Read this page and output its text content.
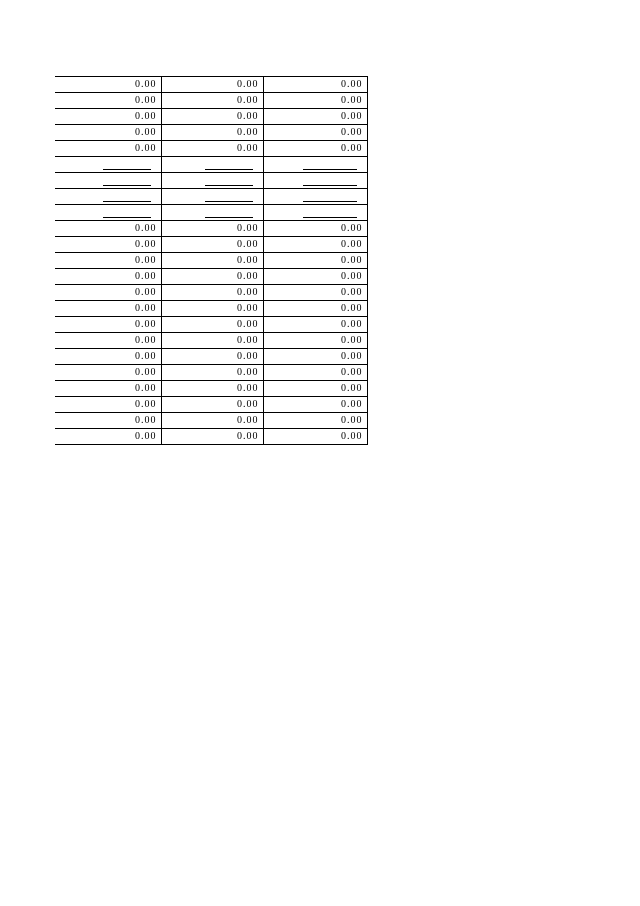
0.00	0.00	0.00
0.00	0.00	0.00
0.00	0.00	0.00
0.00	0.00	0.00
0.00	0.00	0.00

0.00	0.00	0.00
0.00	0.00	0.00
0.00	0.00	0.00
0.00	0.00	0.00
0.00	0.00	0.00
0.00	0.00	0.00
0.00	0.00	0.00
0.00	0.00	0.00
0.00	0.00	0.00
0.00	0.00	0.00
0.00	0.00	0.00
0.00	0.00	0.00
0.00	0.00	0.00
0.00	0.00	0.00
